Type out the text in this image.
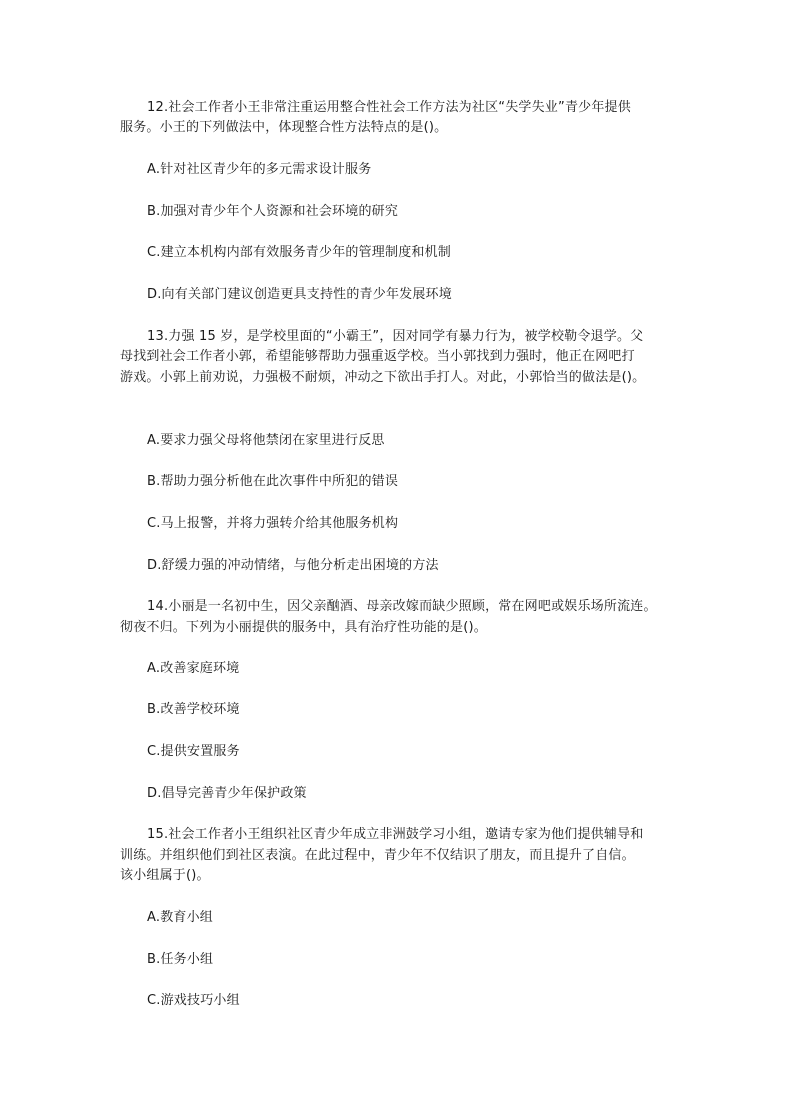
12.社会工作者小王非常注重运用整合性社会工作方法为社区“失学失业”青少年提供
服务。小王的下列做法中，体现整合性方法特点的是()。
A.针对社区青少年的多元需求设计服务
B.加强对青少年个人资源和社会环境的研究
C.建立本机构内部有效服务青少年的管理制度和机制
D.向有关部门建议创造更具支持性的青少年发展环境
13.力强 15 岁，是学校里面的“小霸王”，因对同学有暴力行为，被学校勒令退学。父
母找到社会工作者小郭，希望能够帮助力强重返学校。当小郭找到力强时，他正在网吧打
游戏。小郭上前劝说，力强极不耐烦，冲动之下欲出手打人。对此，小郭恰当的做法是()。
A.要求力强父母将他禁闭在家里进行反思
B.帮助力强分析他在此次事件中所犯的错误
C.马上报警，并将力强转介给其他服务机构
D.舒缓力强的冲动情绪，与他分析走出困境的方法
14.小丽是一名初中生，因父亲酗酒、母亲改嫁而缺少照顾，常在网吧或娱乐场所流连。
彻夜不归。下列为小丽提供的服务中，具有治疗性功能的是()。
A.改善家庭环境
B.改善学校环境
C.提供安置服务
D.倡导完善青少年保护政策
15.社会工作者小王组织社区青少年成立非洲鼓学习小组，邀请专家为他们提供辅导和
训练。并组织他们到社区表演。在此过程中，青少年不仅结识了朋友，而且提升了自信。
该小组属于()。
A.教育小组
B.任务小组
C.游戏技巧小组
